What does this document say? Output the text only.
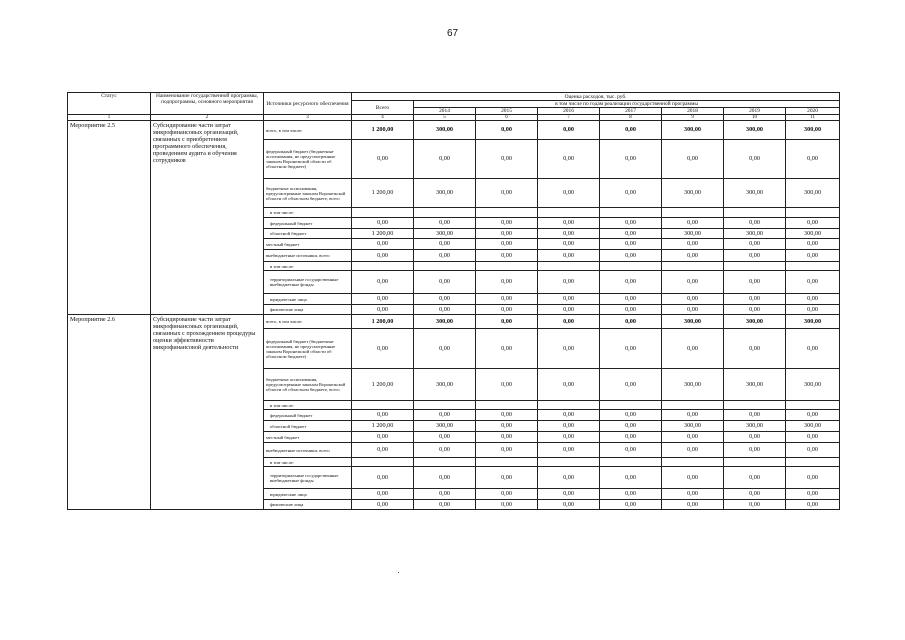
67
Статус	Наименование государственной программы, подпрограммы, основного мероприятия	Источники ресурсного обеспечения	Оценка расходов, тыс. руб.							
			Всего	в том числе по годам реализации государственной программы						
				2014	2015	2016	2017	2018	2019	2020
1	2	3	4	5	6	7	8	9	10	11
Мероприятие 2.5	Субсидирование части затрат микрофинансовых организаций, связанных с приобретением программного обеспечения, проведением аудита и обучения сотрудников	всего, в том числе:	1 200,00	300,00	0,00	0,00	0,00	300,00	300,00	300,00
		федеральный бюджет (бюджетные ассигнования, не предусмотренные законом Воронежской области об областном бюджете)	0,00	0,00	0,00	0,00	0,00	0,00	0,00	0,00
		бюджетные ассигнования, предусмотренные законом Воронежской области об областном бюджете, всего	1 200,00	300,00	0,00	0,00	0,00	300,00	300,00	300,00
		в том числе:								
		федеральный бюджет	0,00	0,00	0,00	0,00	0,00	0,00	0,00	0,00
		областной бюджет	1 200,00	300,00	0,00	0,00	0,00	300,00	300,00	300,00
		местный бюджет	0,00	0,00	0,00	0,00	0,00	0,00	0,00	0,00
		внебюджетные источники, всего	0,00	0,00	0,00	0,00	0,00	0,00	0,00	0,00
		в том числе:								
		территориальные государственные внебюджетные фонды	0,00	0,00	0,00	0,00	0,00	0,00	0,00	0,00
		юридические лица	0,00	0,00	0,00	0,00	0,00	0,00	0,00	0,00
		физические лица	0,00	0,00	0,00	0,00	0,00	0,00	0,00	0,00
Мероприятие 2.6	Субсидирование части затрат микрофинансовых организаций, связанных с прохождением процедуры оценки эффективности микрофинансовой деятельности	всего, в том числе:	1 200,00	300,00	0,00	0,00	0,00	300,00	300,00	300,00
		федеральный бюджет (бюджетные ассигнования, не предусмотренные законом Воронежской области об областном бюджете)	0,00	0,00	0,00	0,00	0,00	0,00	0,00	0,00
		бюджетные ассигнования, предусмотренные законом Воронежской области об областном бюджете, всего	1 200,00	300,00	0,00	0,00	0,00	300,00	300,00	300,00
		в том числе:								
		федеральный бюджет	0,00	0,00	0,00	0,00	0,00	0,00	0,00	0,00
		областной бюджет	1 200,00	300,00	0,00	0,00	0,00	300,00	300,00	300,00
		местный бюджет	0,00	0,00	0,00	0,00	0,00	0,00	0,00	0,00
		внебюджетные источники, всего	0,00	0,00	0,00	0,00	0,00	0,00	0,00	0,00
		в том числе:								
		территориальные государственные внебюджетные фонды	0,00	0,00	0,00	0,00	0,00	0,00	0,00	0,00
		юридические лица	0,00	0,00	0,00	0,00	0,00	0,00	0,00	0,00
		физические лица	0,00	0,00	0,00	0,00	0,00	0,00	0,00	0,00
